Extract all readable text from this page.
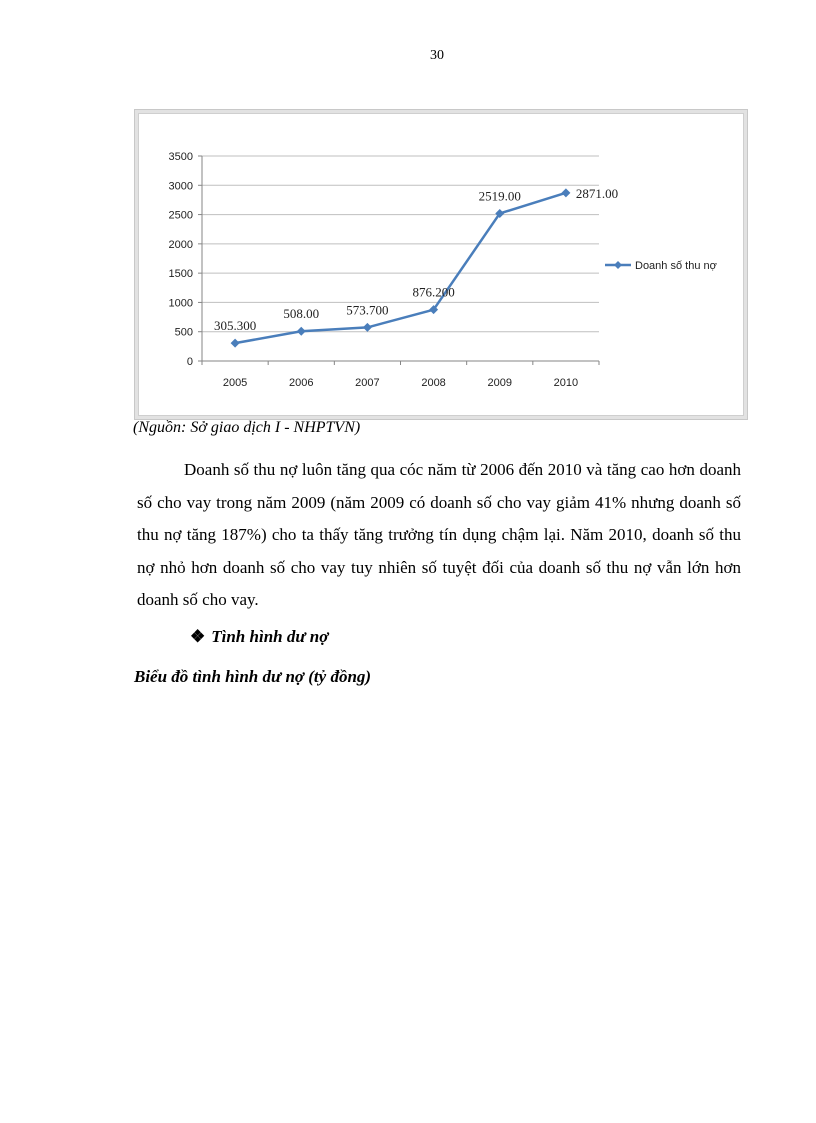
30
0
500
1000
1500
2000
2500
3000
3500
2005	2006	2007	2008	2009	2010
305.300
508.00 573.700
876.200
2519.00	2871.00
Doanh số thu nợ
(Nguồn: Sở giao dịch I - NHPTVN)
Doanh số thu nợ luôn tăng qua cóc năm từ 2006 đến 2010 và tăng cao hơn doanh số cho vay trong năm 2009 (năm 2009 có doanh số cho vay giảm 41% nhưng doanh số thu nợ tăng 187%) cho ta thấy tăng trưởng tín dụng chậm lại. Năm 2010, doanh số thu nợ nhỏ hơn doanh số cho vay tuy nhiên số tuyệt đối của doanh số thu nợ vẫn lớn hơn doanh số cho vay.
❖ Tình hình dư nợ
Biểu đồ tình hình dư nợ (tỷ đồng)
